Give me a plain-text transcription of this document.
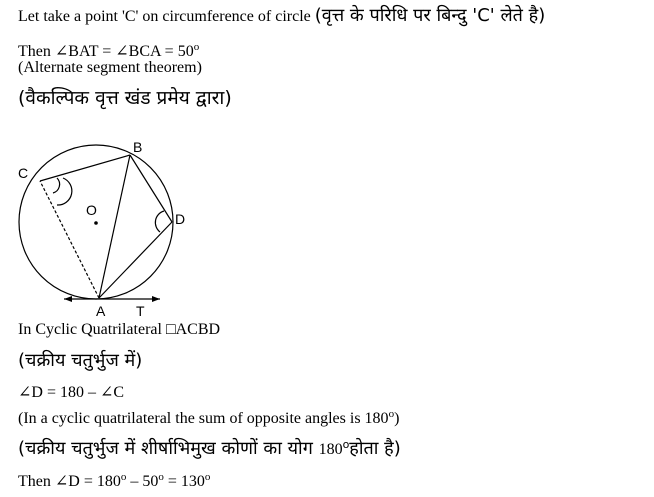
Let take a point 'C' on circumference of circle (वृत्त के परिधि पर बिन्दु 'C' लेते है)
Then ∠BAT = ∠BCA = $50^o$
(Alternate segment theorem)
(वैकल्पिक वृत्त खंड प्रमेय द्वारा)
B
C
D
O
A T
In Cyclic Quatrilateral □ACBD
(चक्रीय चतुर्भुज में)
∠D = 180 – ∠C
(In a cyclic quatrilateral the sum of opposite angles is 180$^o$)
(चक्रीय चतुर्भुज में शीर्षाभिमुख कोणों का योग 180$^o$होता है)
Then ∠D = $180^o - 50^o = 130^o$
